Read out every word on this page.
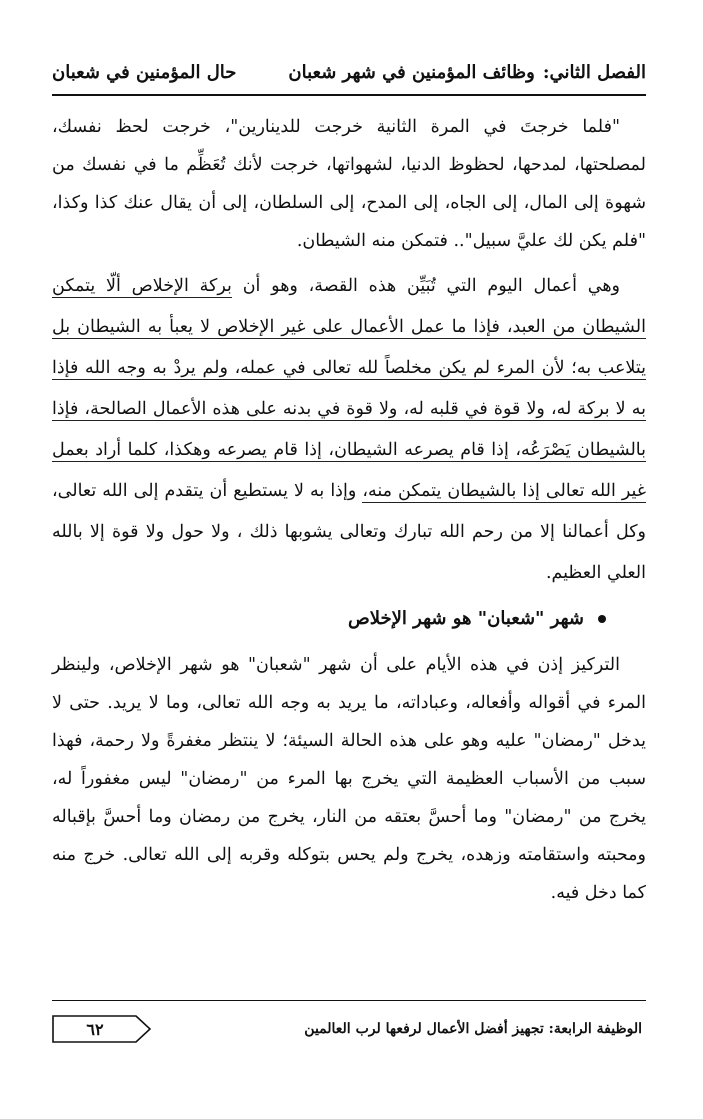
الفصل الثاني:وظائف المؤمنين في شهر شعبان
حال المؤمنين في شعبان

"فلما خرجتَ في المرة الثانية خرجت للدينارين"، خرجت لحظ نفسك، لمصلحتها، لمدحها، لحظوظ الدنيا، لشهواتها، خرجت لأنك تُعَظِّم ما في نفسك من شهوة إلى المال، إلى الجاه، إلى المدح، إلى السلطان، إلى أن يقال عنك كذا وكذا، "فلم يكن لك عليَّ سبيل".. فتمكن منه الشيطان.

وهي أعمال اليوم التي تُبَيِّن هذه القصة، وهو أن بركة الإخلاص ألّا يتمكن الشيطان من العبد، فإذا ما عمل الأعمال على غير الإخلاص لا يعبأ به الشيطان بل يتلاعب به؛ لأن المرء لم يكن مخلصاً لله تعالى في عمله، ولم يردْ به وجه الله فإذا به لا بركة له، ولا قوة في قلبه له، ولا قوة في بدنه على هذه الأعمال الصالحة، فإذا بالشيطان يَصْرَعُه، إذا قام يصرعه الشيطان، إذا قام يصرعه وهكذا، كلما أراد بعمل غير الله تعالى إذا بالشيطان يتمكن منه، وإذا به لا يستطيع أن يتقدم إلى الله تعالى، وكل أعمالنا إلا من رحم الله تبارك وتعالى يشوبها ذلك ، ولا حول ولا قوة إلا بالله العلي العظيم.

شهر "شعبان" هو شهر الإخلاص

التركيز إذن في هذه الأيام على أن شهر "شعبان" هو شهر الإخلاص، ولينظر المرء في أقواله وأفعاله، وعباداته، ما يريد به وجه الله تعالى، وما لا يريد. حتى لا يدخل "رمضان" عليه وهو على هذه الحالة السيئة؛ لا ينتظر مغفرةً ولا رحمة، فهذا سبب من الأسباب العظيمة التي يخرج بها المرء من "رمضان" ليس مغفوراً له، يخرج من "رمضان" وما أحسَّ بعتقه من النار، يخرج من رمضان وما أحسَّ بإقباله ومحبته واستقامته وزهده، يخرج ولم يحس بتوكله وقربه إلى الله تعالى. خرج منه كما دخل فيه.

الوظيفة الرابعة: تجهيز أفضل الأعمال لرفعها لرب العالمين
٦٢
